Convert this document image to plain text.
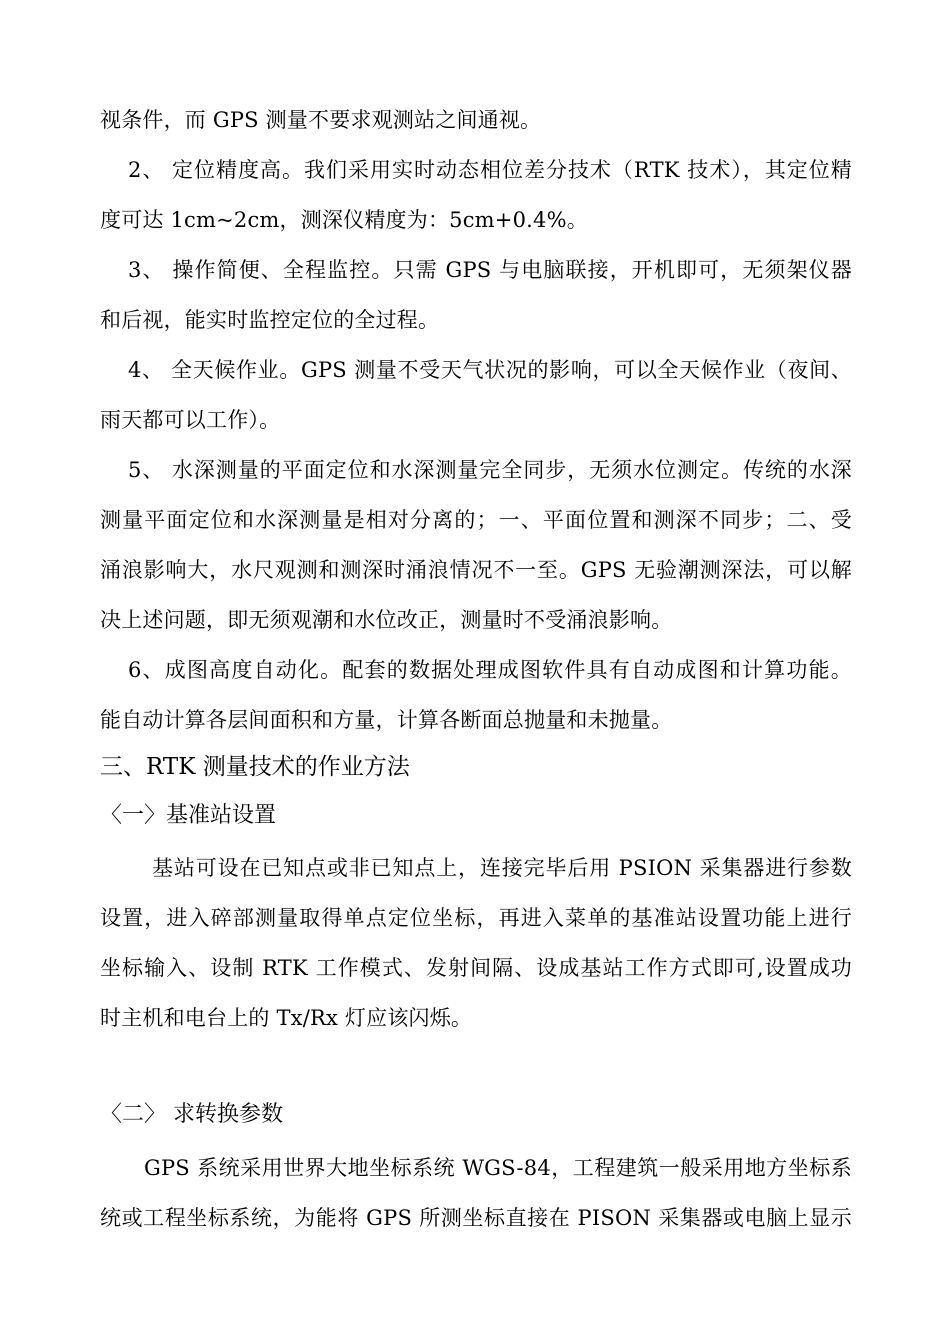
视条件，而 GPS 测量不要求观测站之间通视。
2、 定位精度高。我们采用实时动态相位差分技术（RTK 技术），其定位精
度可达 1cm~2cm，测深仪精度为：5cm+0.4%。
3、 操作简便、全程监控。只需 GPS 与电脑联接，开机即可，无须架仪器
和后视，能实时监控定位的全过程。
4、 全天候作业。GPS 测量不受天气状况的影响，可以全天候作业（夜间、
雨天都可以工作）。
5、 水深测量的平面定位和水深测量完全同步，无须水位测定。传统的水深
测量平面定位和水深测量是相对分离的；一、平面位置和测深不同步；二、受
涌浪影响大，水尺观测和测深时涌浪情况不一至。GPS 无验潮测深法，可以解
决上述问题，即无须观潮和水位改正，测量时不受涌浪影响。
6、成图高度自动化。配套的数据处理成图软件具有自动成图和计算功能。
能自动计算各层间面积和方量，计算各断面总抛量和未抛量。
三、RTK 测量技术的作业方法
〈一〉基准站设置
基站可设在已知点或非已知点上，连接完毕后用 PSION 采集器进行参数
设置，进入碎部测量取得单点定位坐标，再进入菜单的基准站设置功能上进行
坐标输入、设制 RTK 工作模式、发射间隔、设成基站工作方式即可,设置成功
时主机和电台上的 Tx/Rx 灯应该闪烁。
〈二〉 求转换参数
GPS 系统采用世界大地坐标系统 WGS-84，工程建筑一般采用地方坐标系
统或工程坐标系统，为能将 GPS 所测坐标直接在 PISON 采集器或电脑上显示
